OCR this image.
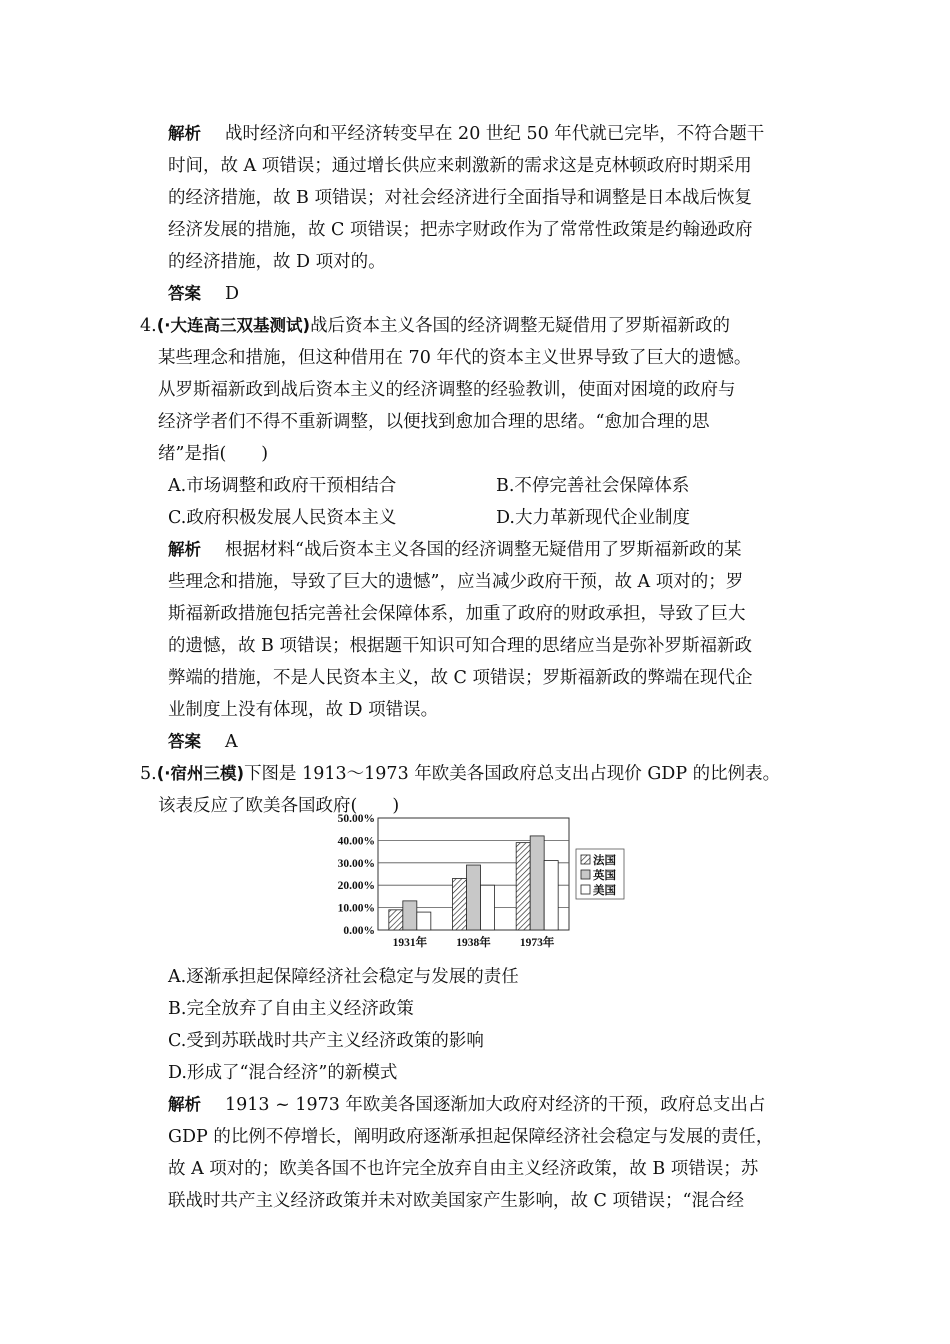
解析 战时经济向和平经济转变早在 20 世纪 50 年代就已完毕，不符合题干
时间，故 A 项错误；通过增长供应来刺激新的需求这是克林顿政府时期采用
的经济措施，故 B 项错误；对社会经济进行全面指导和调整是日本战后恢复
经济发展的措施，故 C 项错误；把赤字财政作为了常常性政策是约翰逊政府
的经济措施，故 D 项对的。
答案 D
4.(·大连高三双基测试)战后资本主义各国的经济调整无疑借用了罗斯福新政的
某些理念和措施，但这种借用在 70 年代的资本主义世界导致了巨大的遗憾。
从罗斯福新政到战后资本主义的经济调整的经验教训，使面对困境的政府与
经济学者们不得不重新调整，以便找到愈加合理的思绪。“愈加合理的思
绪”是指(　　)
A.市场调整和政府干预相结合	B.不停完善社会保障体系
C.政府积极发展人民资本主义	D.大力革新现代企业制度
解析 根据材料“战后资本主义各国的经济调整无疑借用了罗斯福新政的某
些理念和措施，导致了巨大的遗憾”，应当减少政府干预，故 A 项对的；罗
斯福新政措施包括完善社会保障体系，加重了政府的财政承担，导致了巨大
的遗憾，故 B 项错误；根据题干知识可知合理的思绪应当是弥补罗斯福新政
弊端的措施，不是人民资本主义，故 C 项错误；罗斯福新政的弊端在现代企
业制度上没有体现，故 D 项错误。
答案 A
5.(·宿州三模)下图是 1913～1973 年欧美各国政府总支出占现价 GDP 的比例表。
该表反应了欧美各国政府(　　)
0.00%
10.00%
20.00%
30.00%
40.00%
50.00%
1931年	1938年	1973年
法国
英国
美国
A.逐渐承担起保障经济社会稳定与发展的责任
B.完全放弃了自由主义经济政策
C.受到苏联战时共产主义经济政策的影响
D.形成了“混合经济”的新模式
解析 1913 ~ 1973 年欧美各国逐渐加大政府对经济的干预，政府总支出占
GDP 的比例不停增长，阐明政府逐渐承担起保障经济社会稳定与发展的责任，
故 A 项对的；欧美各国不也许完全放弃自由主义经济政策，故 B 项错误；苏
联战时共产主义经济政策并未对欧美国家产生影响，故 C 项错误；“混合经
